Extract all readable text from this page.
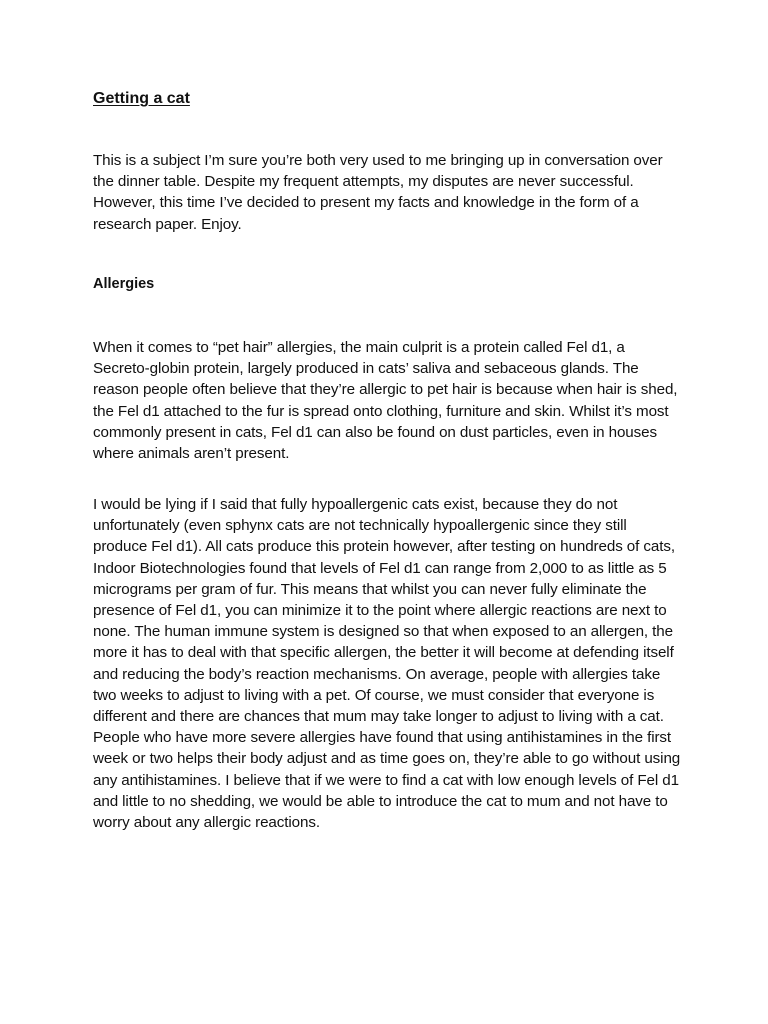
Getting a cat

This is a subject I’m sure you’re both very used to me bringing up in conversation over the dinner table. Despite my frequent attempts, my disputes are never successful. However, this time I’ve decided to present my facts and knowledge in the form of a research paper. Enjoy.

Allergies

When it comes to “pet hair” allergies, the main culprit is a protein called Fel d1, a Secreto-globin protein, largely produced in cats’ saliva and sebaceous glands. The reason people often believe that they’re allergic to pet hair is because when hair is shed, the Fel d1 attached to the fur is spread onto clothing, furniture and skin. Whilst it’s most commonly present in cats, Fel d1 can also be found on dust particles, even in houses where animals aren’t present.

I would be lying if I said that fully hypoallergenic cats exist, because they do not unfortunately (even sphynx cats are not technically hypoallergenic since they still produce Fel d1). All cats produce this protein however, after testing on hundreds of cats, Indoor Biotechnologies found that levels of Fel d1 can range from 2,000 to as little as 5 micrograms per gram of fur. This means that whilst you can never fully eliminate the presence of Fel d1, you can minimize it to the point where allergic reactions are next to none. The human immune system is designed so that when exposed to an allergen, the more it has to deal with that specific allergen, the better it will become at defending itself and reducing the body’s reaction mechanisms. On average, people with allergies take two weeks to adjust to living with a pet. Of course, we must consider that everyone is different and there are chances that mum may take longer to adjust to living with a cat. People who have more severe allergies have found that using antihistamines in the first week or two helps their body adjust and as time goes on, they’re able to go without using any antihistamines. I believe that if we were to find a cat with low enough levels of Fel d1 and little to no shedding, we would be able to introduce the cat to mum and not have to worry about any allergic reactions.
